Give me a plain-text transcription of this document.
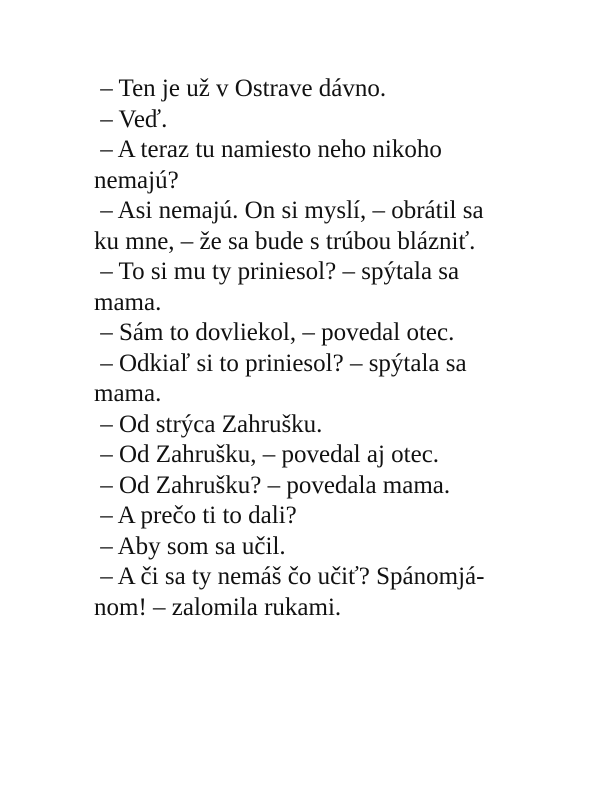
– Ten je už v Ostrave dávno.
– Veď.
– A teraz tu namiesto neho nikoho
nemajú?
– Asi nemajú. On si myslí, – obrátil sa
ku mne, – že sa bude s trúbou blázniť.
– To si mu ty priniesol? – spýtala sa
mama.
– Sám to dovliekol, – povedal otec.
– Odkiaľ si to priniesol? – spýtala sa
mama.
– Od strýca Zahrušku.
– Od Zahrušku, – povedal aj otec.
– Od Zahrušku? – povedala mama.
– A prečo ti to dali?
– Aby som sa učil.
– A či sa ty nemáš čo učiť? Spánomjá-
nom! – zalomila rukami.
